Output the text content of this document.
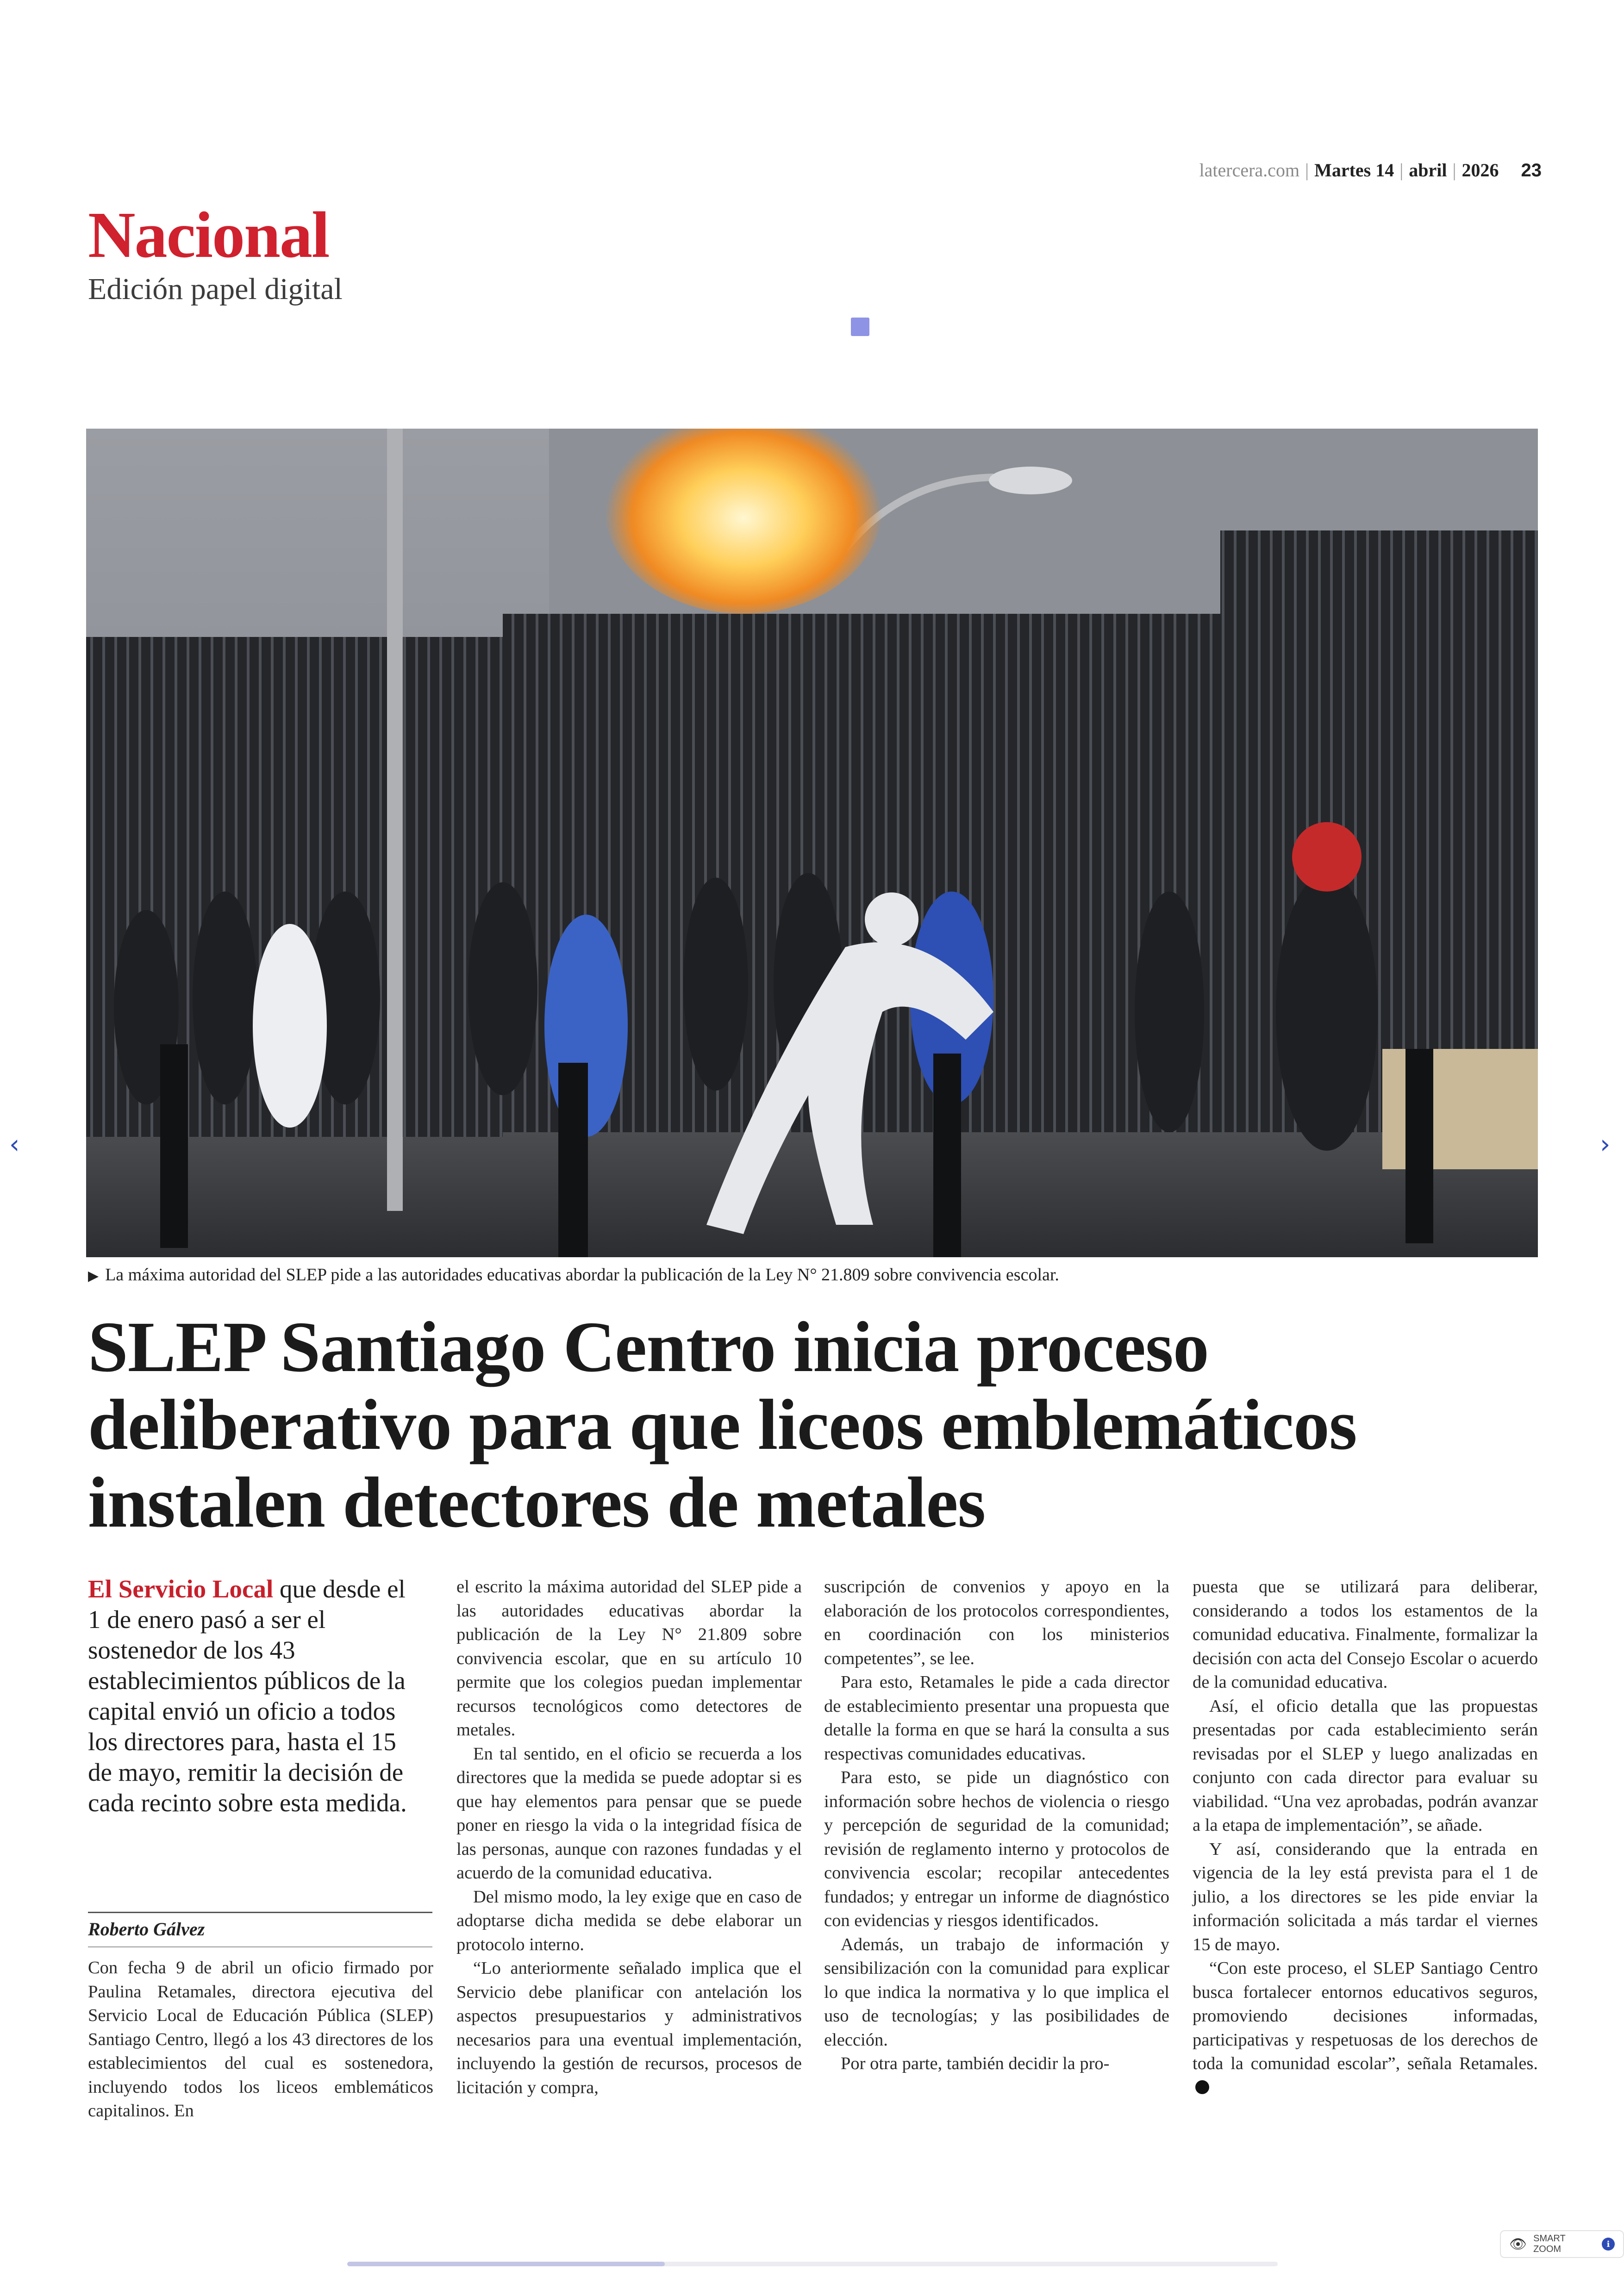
latercera.com | Martes 14 | abril | 2026 23
Nacional
Edición papel digital
▶ La máxima autoridad del SLEP pide a las autoridades educativas abordar la publicación de la Ley N° 21.809 sobre convivencia escolar.
SLEP Santiago Centro inicia proceso deliberativo para que liceos emblemáticos instalen detectores de metales

El Servicio Local que desde el 1 de enero pasó a ser el sostenedor de los 43 establecimientos públicos de la capital envió un oficio a todos los directores para, hasta el 15 de mayo, remitir la decisión de cada recinto sobre esta medida.

Roberto Gálvez

Con fecha 9 de abril un oficio firmado por Paulina Retamales, directora ejecutiva del Servicio Local de Educación Pública (SLEP) Santiago Centro, llegó a los 43 directores de los establecimientos del cual es sostenedora, incluyendo todos los liceos emblemáticos capitalinos. En

el escrito la máxima autoridad del SLEP pide a las autoridades educativas abordar la publicación de la Ley N° 21.809 sobre convivencia escolar, que en su artículo 10 permite que los colegios puedan implementar recursos tecnológicos como detectores de metales.

En tal sentido, en el oficio se recuerda a los directores que la medida se puede adoptar si es que hay elementos para pensar que se puede poner en riesgo la vida o la integridad física de las personas, aunque con razones fundadas y el acuerdo de la comunidad educativa.

Del mismo modo, la ley exige que en caso de adoptarse dicha medida se debe elaborar un protocolo interno.

“Lo anteriormente señalado implica que el Servicio debe planificar con antelación los aspectos presupuestarios y administrativos necesarios para una eventual implementación, incluyendo la gestión de recursos, procesos de licitación y compra,

suscripción de convenios y apoyo en la elaboración de los protocolos correspondientes, en coordinación con los ministerios competentes”, se lee.

Para esto, Retamales le pide a cada director de establecimiento presentar una propuesta que detalle la forma en que se hará la consulta a sus respectivas comunidades educativas.

Para esto, se pide un diagnóstico con información sobre hechos de violencia o riesgo y percepción de seguridad de la comunidad; revisión de reglamento interno y protocolos de convivencia escolar; recopilar antecedentes fundados; y entregar un informe de diagnóstico con evidencias y riesgos identificados.

Además, un trabajo de información y sensibilización con la comunidad para explicar lo que indica la normativa y lo que implica el uso de tecnologías; y las posibilidades de elección.

Por otra parte, también decidir la pro-

puesta que se utilizará para deliberar, considerando a todos los estamentos de la comunidad educativa. Finalmente, formalizar la decisión con acta del Consejo Escolar o acuerdo de la comunidad educativa.

Así, el oficio detalla que las propuestas presentadas por cada establecimiento serán revisadas por el SLEP y luego analizadas en conjunto con cada director para evaluar su viabilidad. “Una vez aprobadas, podrán avanzar a la etapa de implementación”, se añade.

Y así, considerando que la entrada en vigencia de la ley está prevista para el 1 de julio, a los directores se les pide enviar la información solicitada a más tardar el viernes 15 de mayo.

“Con este proceso, el SLEP Santiago Centro busca fortalecer entornos educativos seguros, promoviendo decisiones informadas, participativas y respetuosas de los derechos de toda la comunidad escolar”, señala Retamales.

‹	›
👁 SMART ZOOM	i
